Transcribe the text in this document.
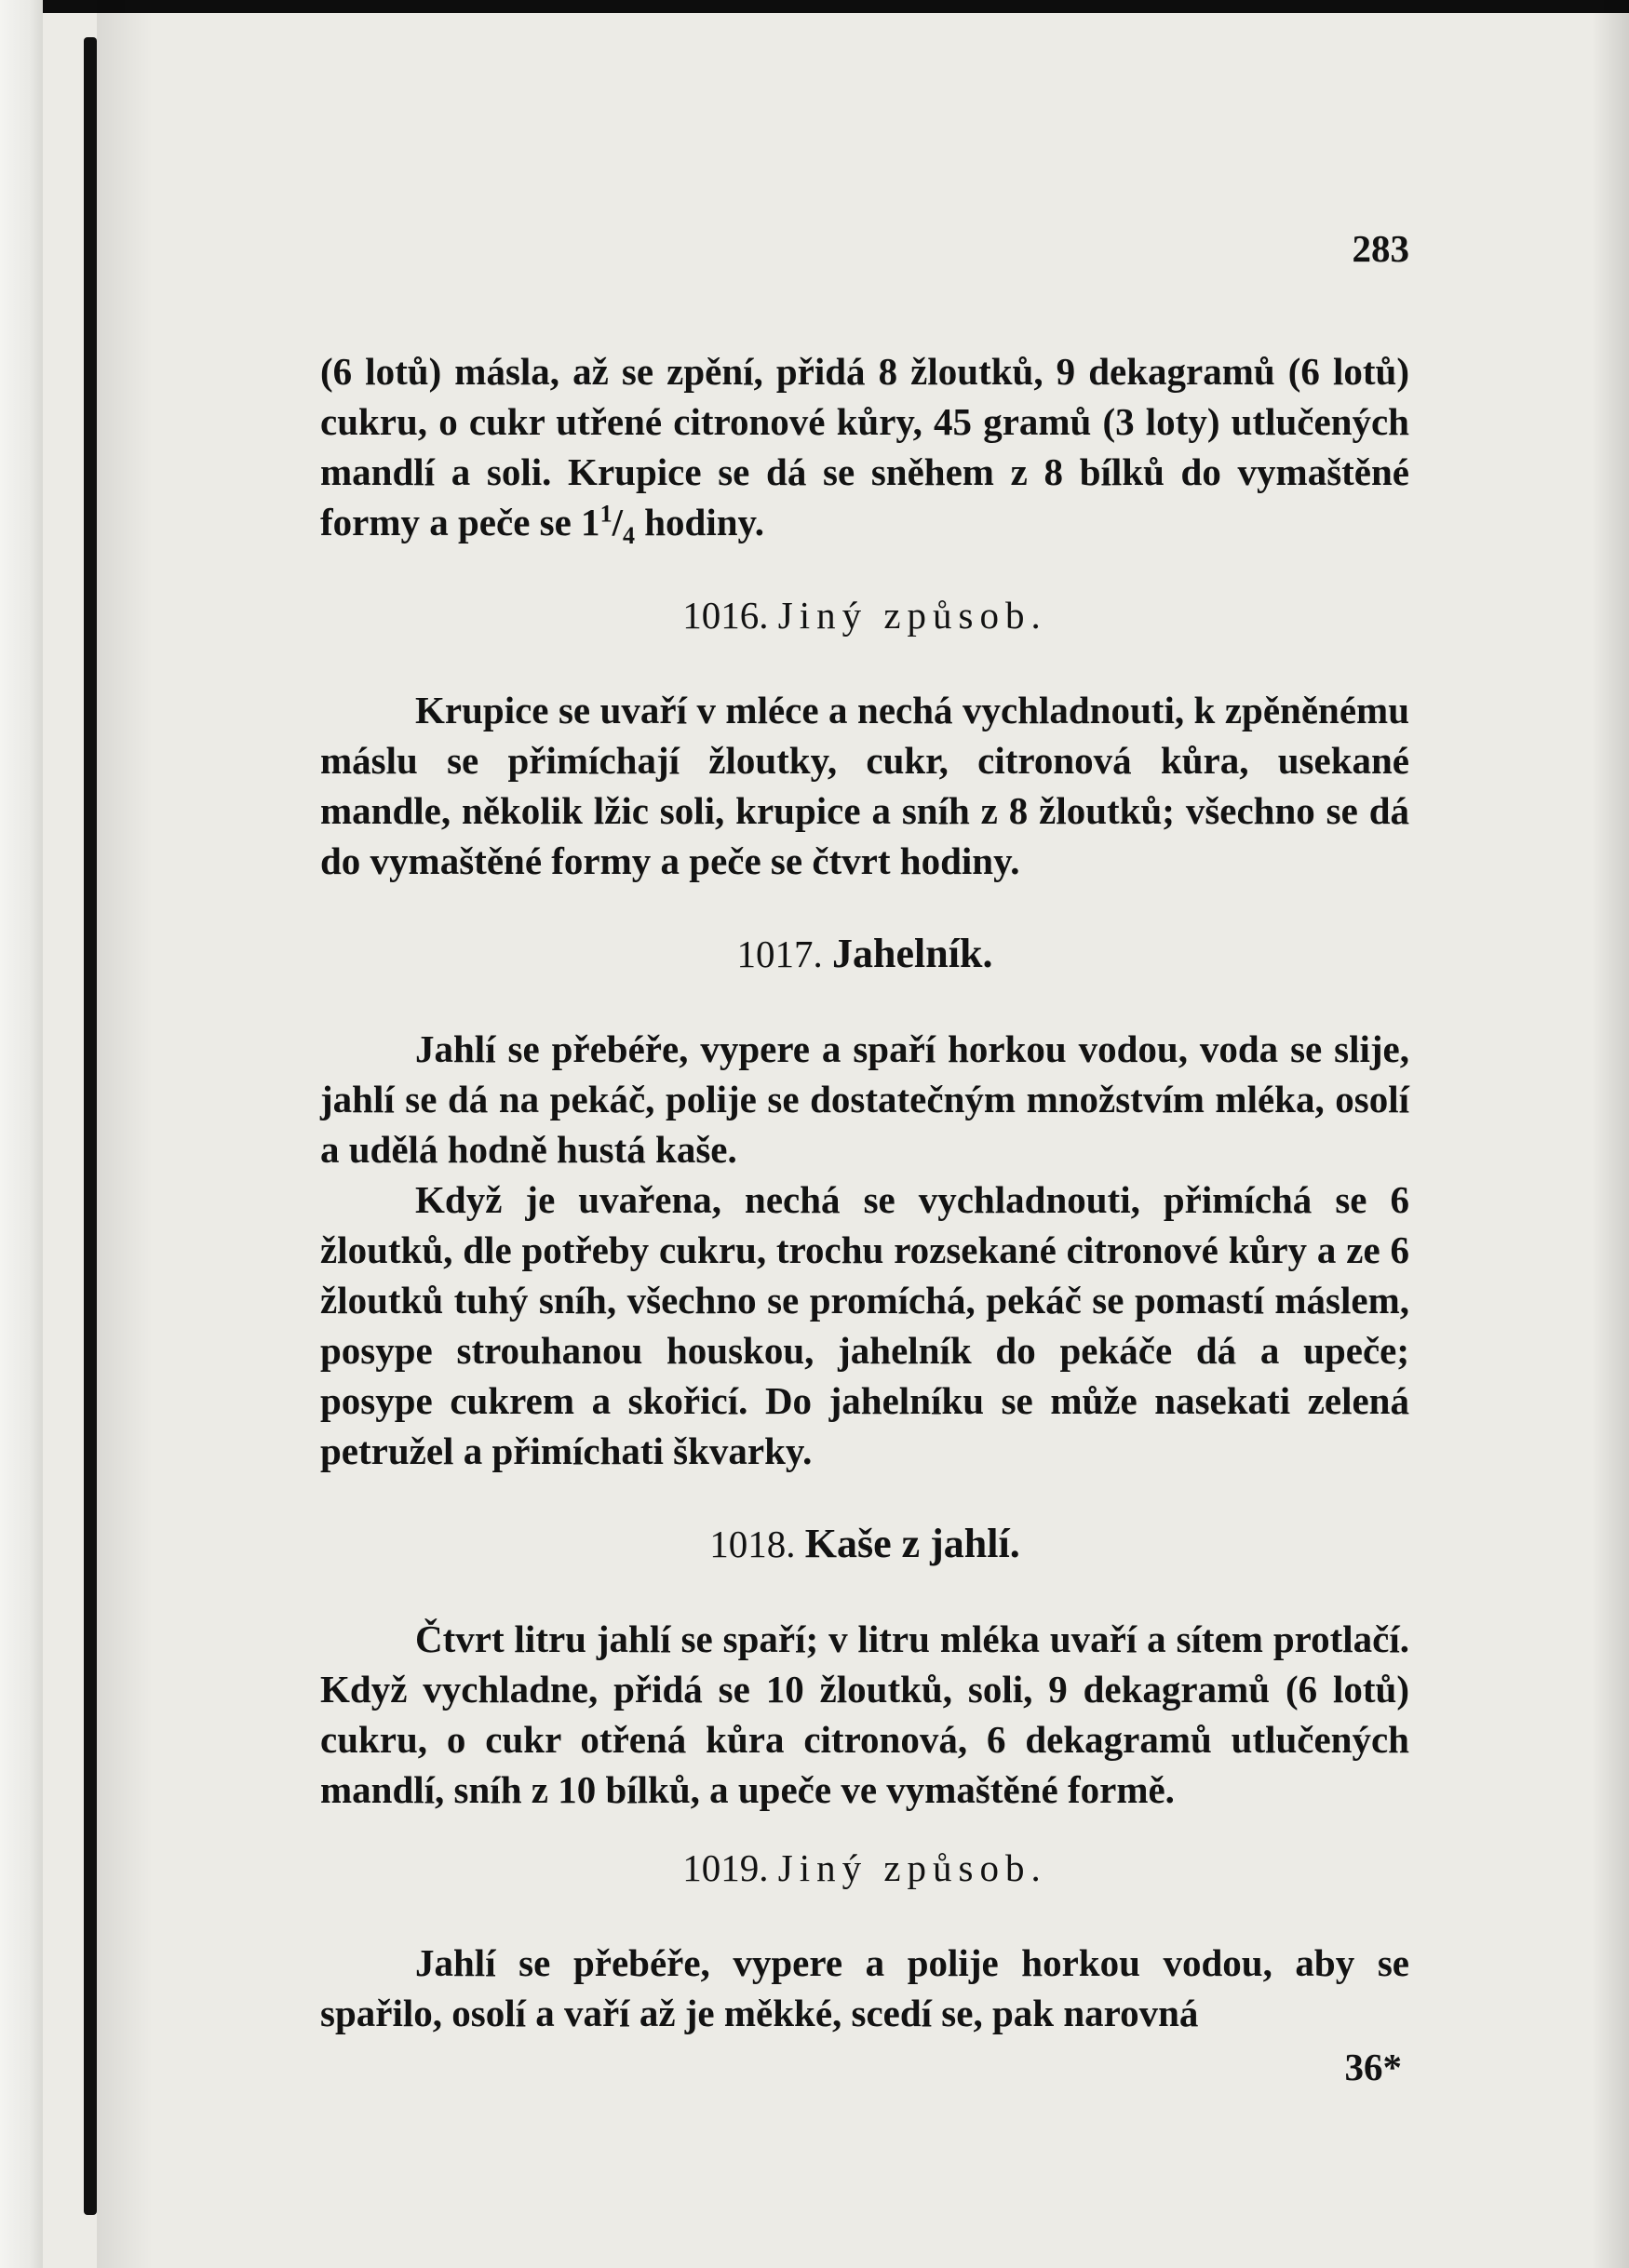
283

(6 lotů) másla, až se zpění, přidá 8 žloutků, 9 dekagramů (6 lotů) cukru, o cukr utřené citronové kůry, 45 gramů (3 loty) utlučených mandlí a soli. Krupice se dá se sněhem z 8 bílků do vymaštěné formy a peče se $1^1/_4$ hodiny.

1016. Jiný způsob.

Krupice se uvaří v mléce a nechá vychladnouti, k zpěněnému máslu se přimíchají žloutky, cukr, citronová kůra, usekané mandle, několik lžic soli, krupice a sníh z 8 žloutků; všechno se dá do vymaštěné formy a peče se čtvrt hodiny.

1017. Jahelník.

Jahlí se přebéře, vypere a spaří horkou vodou, voda se slije, jahlí se dá na pekáč, polije se dostatečným množstvím mléka, osolí a udělá hodně hustá kaše.

Když je uvařena, nechá se vychladnouti, přimíchá se 6 žloutků, dle potřeby cukru, trochu rozsekané citronové kůry a ze 6 žloutků tuhý sníh, všechno se promíchá, pekáč se pomastí máslem, posype strouhanou houskou, jahelník do pekáče dá a upeče; posype cukrem a skořicí. Do jahelníku se může nasekati zelená petružel a přimíchati škvarky.

1018. Kaše z jahlí.

Čtvrt litru jahlí se spaří; v litru mléka uvaří a sítem protlačí. Když vychladne, přidá se 10 žloutků, soli, 9 dekagramů (6 lotů) cukru, o cukr otřená kůra citronová, 6 dekagramů utlučených mandlí, sníh z 10 bílků, a upeče ve vymaštěné formě.

1019. Jiný způsob.

Jahlí se přebéře, vypere a polije horkou vodou, aby se spařilo, osolí a vaří až je měkké, scedí se, pak narovná

36*
